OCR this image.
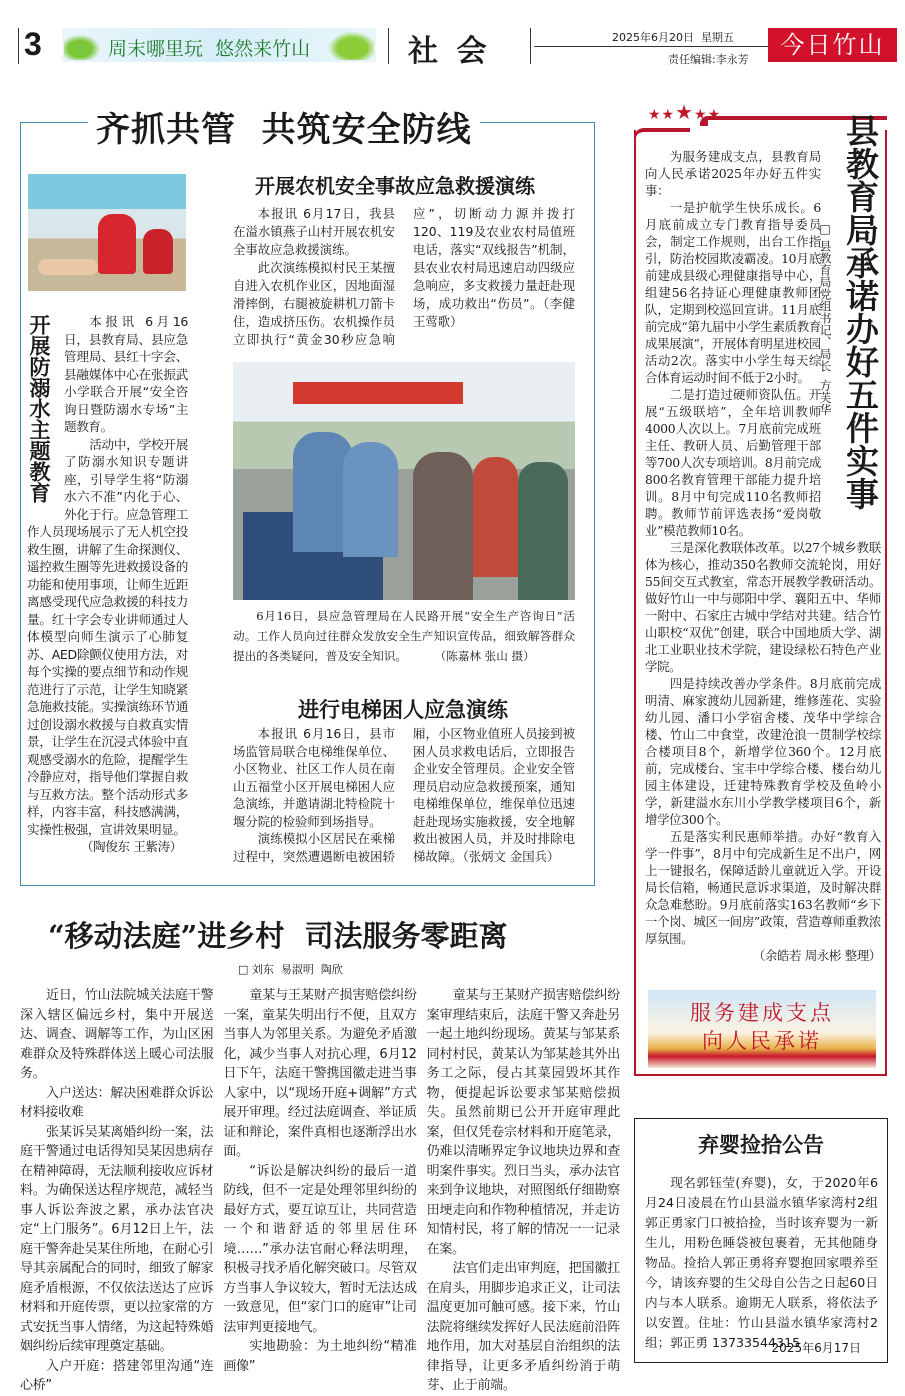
3	周末哪里玩  悠然来竹山	社 会	2025年6月20日  星期五
责任编辑:李永芳
今日竹山
齐抓共管  共筑安全防线
开展防溺水主题教育	本报讯 6月16日，县教育局、县应急管理局、县红十字会、县融媒体中心在张振武小学联合开展“安全咨询日暨防溺水专场”主题教育。

活动中，学校开展了防溺水知识专题讲座，引导学生将“防溺水六不准”内化于心、外化于行。应急管理工作人员现场展示了无人机空投救生圈，讲解了生命探测仪、遥控救生圈等先进救援设备的功能和使用事项，让师生近距离感受现代应急救援的科技力量。红十字会专业讲师通过人体模型向师生演示了心肺复苏、AED除颤仪使用方法，对每个实操的要点细节和动作规范进行了示范，让学生知晓紧急施救技能。实操演练环节通过创设溺水救援与自救真实情景，让学生在沉浸式体验中直观感受溺水的危险，提醒学生冷静应对，指导他们掌握自救与互救方法。整个活动形式多样，内容丰富，科技感满满，实操性极强，宣讲效果明显。

（陶俊东 王紫涛）
开展农机安全事故应急救援演练

本报讯 6月17日，我县在溢水镇燕子山村开展农机安全事故应急救援演练。

此次演练模拟村民王某擅自进入农机作业区，因地面湿滑摔倒，右腿被旋耕机刀箭卡住，造成挤压伤。农机操作员立即执行“黄金30秒应急响应”，切断动力源并拨打120、119及农业农村局值班电话，落实“双线报告”机制，县农业农村局迅速启动四级应急响应，多支救援力量赶赴现场，成功救出“伤员”。（李健 王莺歌）

6月16日，县应急管理局在人民路开展“安全生产咨询日”活动。工作人员向过往群众发放安全生产知识宣传品，细致解答群众提出的各类疑问，普及安全知识。 （陈嘉林 张山 摄）
进行电梯困人应急演练

本报讯 6月16日，县市场监管局联合电梯维保单位、小区物业、社区工作人员在南山五福堂小区开展电梯困人应急演练，并邀请湖北特检院十堰分院的检验师到场指导。

演练模拟小区居民在乘梯过程中，突然遭遇断电被困轿厢，小区物业值班人员接到被困人员求救电话后，立即报告企业安全管理员。企业安全管理员启动应急救援预案，通知电梯维保单位，维保单位迅速赶赴现场实施救援，安全地解救出被困人员，并及时排除电梯故障。（张炳文 金国兵）

★★★★★	县教育局承诺办好五件实事
□ 县教育局党组书记、局长  方芙华

为服务建成支点，县教育局向人民承诺2025年办好五件实事：

一是护航学生快乐成长。6月底前成立专门教育指导委员会，制定工作规则，出台工作指引，防治校园欺凌霸凌。10月底前建成县级心理健康指导中心，组建56名持证心理健康教师团队，定期到校巡回宣讲。11月底前完成“第九届中小学生素质教育成果展演”，开展体育明星进校园活动2次。落实中小学生每天综合体育运动时间不低于2小时。

二是打造过硬师资队伍。开展“五级联培”，全年培训教师4000人次以上。7月底前完成班主任、教研人员、后勤管理干部等700人次专项培训。8月前完成800名教育管理干部能力提升培训。8月中旬完成110名教师招聘。教师节前评选表扬“爱岗敬业”模范教师10名。

三是深化教联体改革。以27个城乡教联体为核心，推动350名教师交流轮岗，用好55间交互式教室，常态开展教学教研活动。做好竹山一中与郧阳中学、襄阳五中、华师一附中、石家庄古城中学结对共建。结合竹山职校“双优”创建，联合中国地质大学、湖北工业职业技术学院，建设绿松石特色产业学院。

四是持续改善办学条件。8月底前完成明清、麻家渡幼儿园新建，维修莲花、实验幼儿园、潘口小学宿舍楼、茂华中学综合楼、竹山二中食堂，改建沧浪一贯制学校综合楼项目8个，新增学位360个。12月底前，完成楼台、宝丰中学综合楼、楼台幼儿园主体建设，迁建特殊教育学校及鱼岭小学，新建溢水东川小学教学楼项目6个，新增学位300个。

五是落实利民惠师举措。办好“教育入学一件事”，8月中旬完成新生足不出户，网上一键报名，保障适龄儿童就近入学。开设局长信箱，畅通民意诉求渠道，及时解决群众急难愁盼。9月底前落实163名教师“乡下一个岗、城区一间房”政策，营造尊师重教浓厚氛围。

（余皓若 周永彬 整理）
服务建成支点
向人民承诺
“移动法庭”进乡村  司法服务零距离
□ 刘东  易淑明  陶欣

近日，竹山法院城关法庭干警深入辖区偏远乡村，集中开展送达、调查、调解等工作，为山区困难群众及特殊群体送上暖心司法服务。

入户送达：解决困难群众诉讼材料接收难

张某诉吴某离婚纠纷一案，法庭干警通过电话得知吴某因患病存在精神障碍，无法顺利接收应诉材料。为确保送达程序规范，减轻当事人诉讼奔波之累，承办法官决定“上门服务”。6月12日上午，法庭干警奔赴吴某住所地，在耐心引导其亲属配合的同时，细致了解家庭矛盾根源，不仅依法送达了应诉材料和开庭传票，更以拉家常的方式安抚当事人情绪，为这起特殊婚姻纠纷后续审理奠定基础。

入户开庭：搭建邻里沟通“连心桥”

童某与王某财产损害赔偿纠纷一案，童某失明出行不便，且双方当事人为邻里关系。为避免矛盾激化，减少当事人对抗心理，6月12日下午，法庭干警携国徽走进当事人家中，以“现场开庭+调解”方式展开审理。经过法庭调查、举证质证和辩论，案件真相也逐渐浮出水面。

“诉讼是解决纠纷的最后一道防线，但不一定是处理邻里纠纷的最好方式，要互谅互让，共同营造一个和谐舒适的邻里居住环境……”承办法官耐心释法明理，积极寻找矛盾化解突破口。尽管双方当事人争议较大，暂时无法达成一致意见，但“家门口的庭审”让司法审判更接地气。

实地勘验：为土地纠纷“精准画像”

童某与王某财产损害赔偿纠纷案审理结束后，法庭干警又奔赴另一起土地纠纷现场。黄某与邹某系同村村民，黄某认为邹某趁其外出务工之际，侵占其菜园毁坏其作物，便提起诉讼要求邹某赔偿损失。虽然前期已公开开庭审理此案，但仅凭卷宗材料和开庭笔录，仍难以清晰界定争议地块边界和查明案件事实。烈日当头，承办法官来到争议地块，对照图纸仔细勘察田埂走向和作物种植情况，并走访知情村民，将了解的情况一一记录在案。

法官们走出审判庭，把国徽扛在肩头，用脚步追求正义，让司法温度更加可触可感。接下来，竹山法院将继续发挥好人民法庭前沿阵地作用，加大对基层自治组织的法律指导，让更多矛盾纠纷消于萌芽、止于前端。

弃婴捡拾公告
现名郭钰莹(弃婴)，女，于2020年6月24日凌晨在竹山县溢水镇华家湾村2组郭正勇家门口被拾捡，当时该弃婴为一新生儿，用粉色睡袋被包裹着，无其他随身物品。捡拾人郭正勇将弃婴抱回家喂养至今，请该弃婴的生父母自公告之日起60日内与本人联系。逾期无人联系，将依法予以安置。住址：竹山县溢水镇华家湾村2组；郭正勇 13733544315
2025年6月17日
